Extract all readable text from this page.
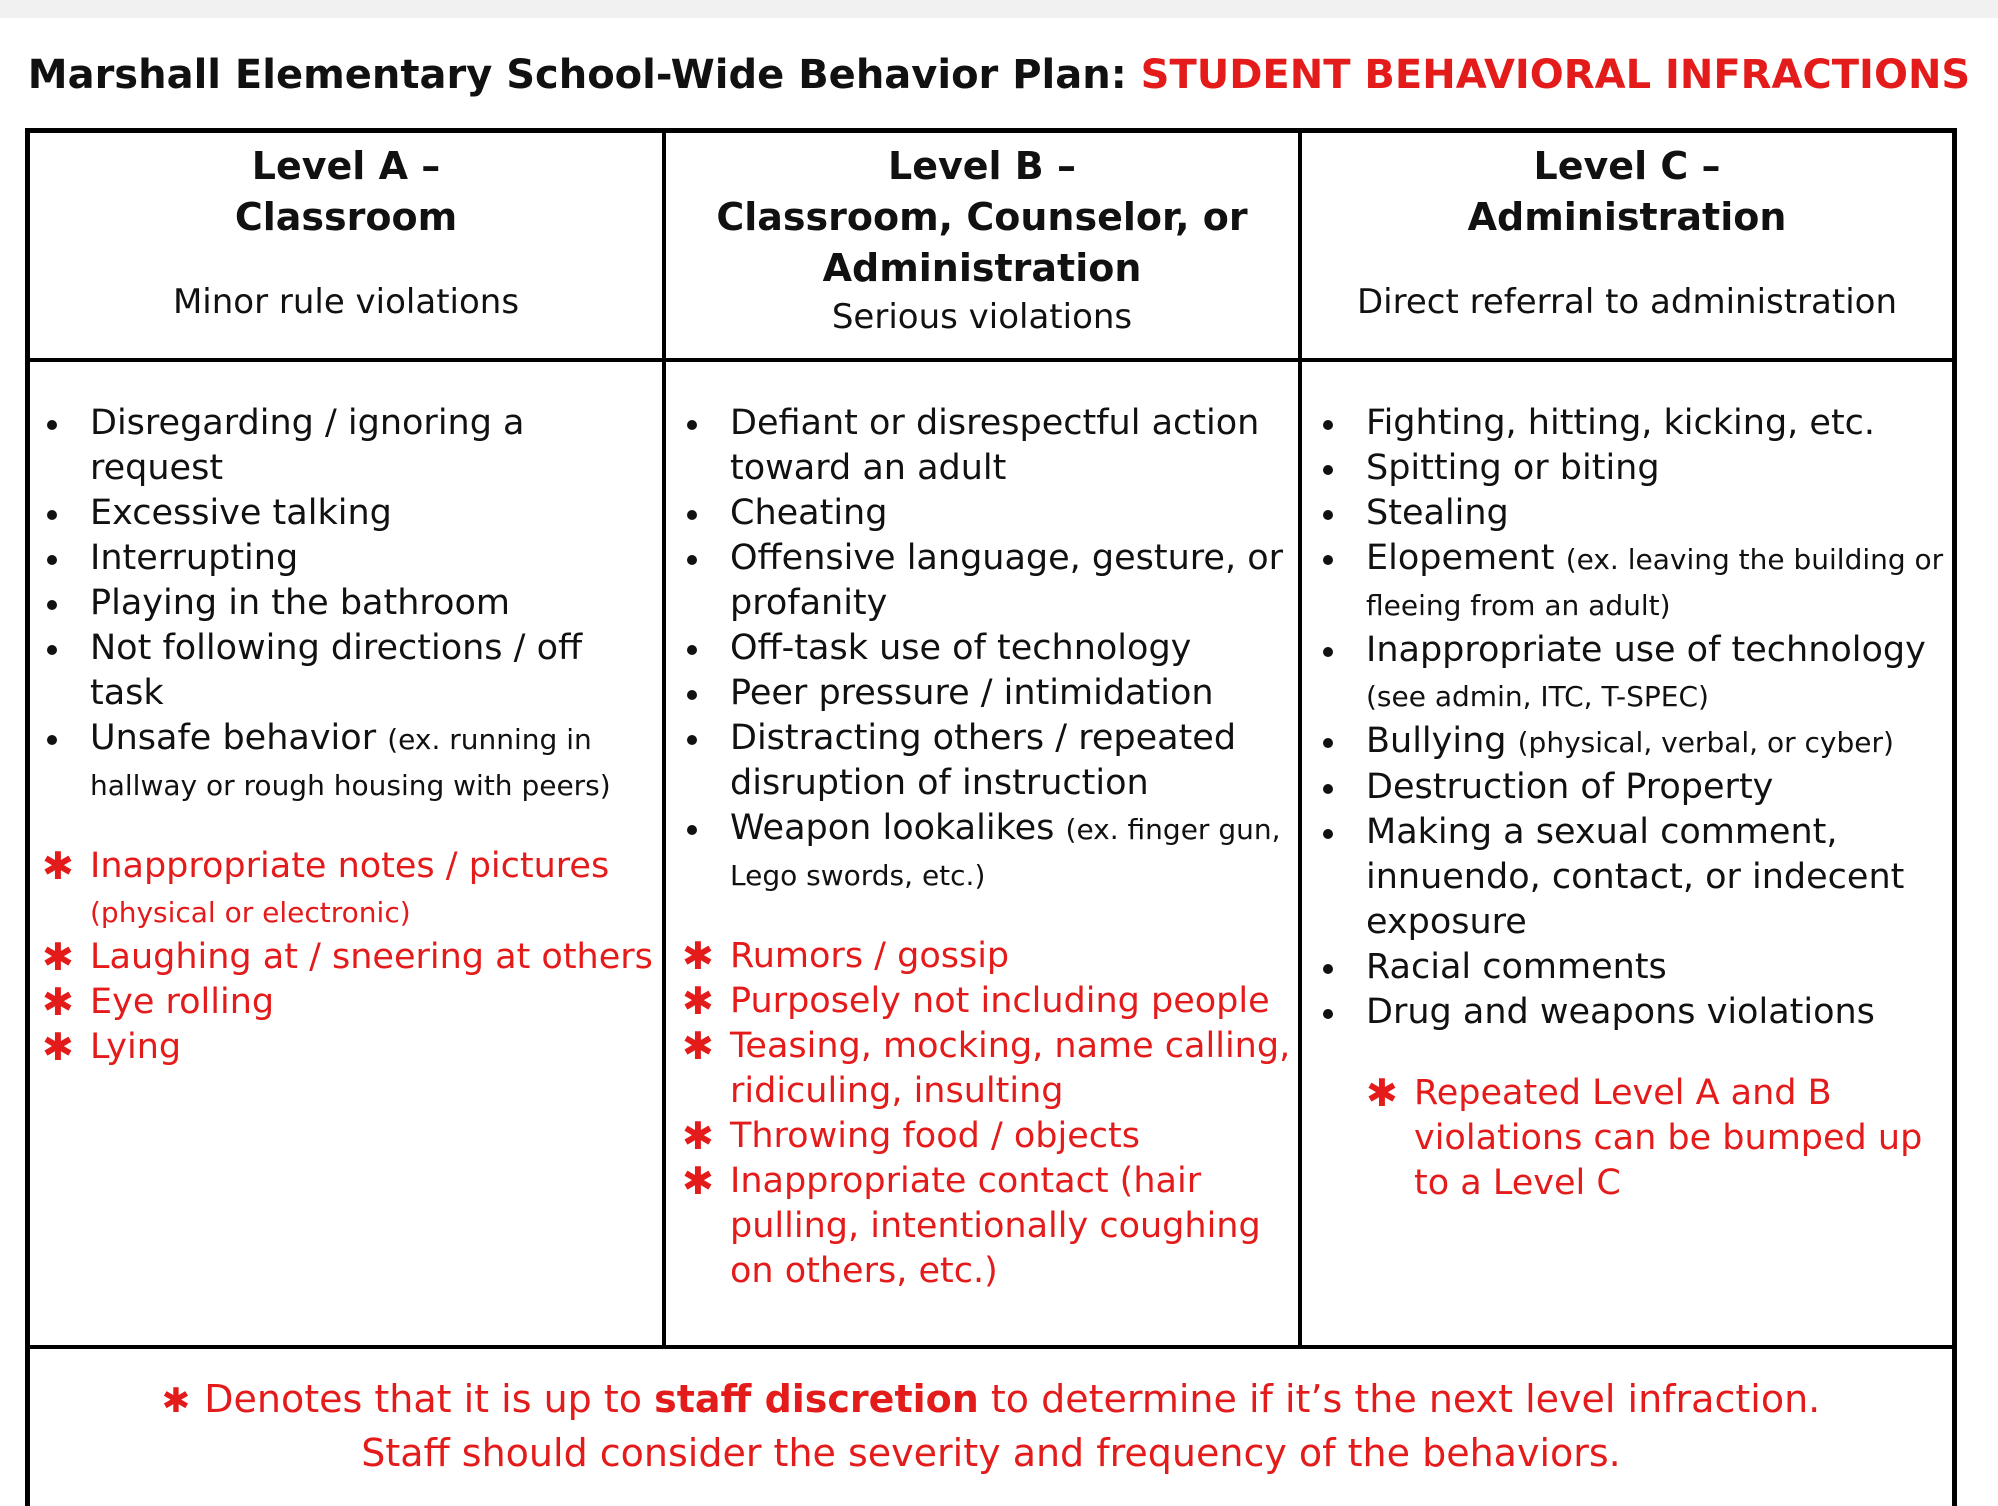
Marshall Elementary School-Wide Behavior Plan: STUDENT BEHAVIORAL INFRACTIONS
Level A –
Classroom
Minor rule violations
Level B –
Classroom, Counselor, or
Administration
Serious violations
Level C –
Administration
Direct referral to administration
Disregarding / ignoring a request
Excessive talking
Interrupting
Playing in the bathroom
Not following directions / off task
Unsafe behavior (ex. running in hallway or rough housing with peers)
✱ Inappropriate notes / pictures (physical or electronic)
✱ Laughing at / sneering at others
✱ Eye rolling
✱ Lying
Defiant or disrespectful action toward an adult
Cheating
Offensive language, gesture, or profanity
Off-task use of technology
Peer pressure / intimidation
Distracting others / repeated disruption of instruction
Weapon lookalikes (ex. finger gun, Lego swords, etc.)
✱ Rumors / gossip
✱ Purposely not including people
✱ Teasing, mocking, name calling, ridiculing, insulting
✱ Throwing food / objects
✱ Inappropriate contact (hair pulling, intentionally coughing on others, etc.)
Fighting, hitting, kicking, etc.
Spitting or biting
Stealing
Elopement (ex. leaving the building or fleeing from an adult)
Inappropriate use of technology (see admin, ITC, T-SPEC)
Bullying (physical, verbal, or cyber)
Destruction of Property
Making a sexual comment, innuendo, contact, or indecent exposure
Racial comments
Drug and weapons violations
✱ Repeated Level A and B violations can be bumped up to a Level C
✱ Denotes that it is up to staff discretion to determine if it’s the next level infraction.
Staff should consider the severity and frequency of the behaviors.
